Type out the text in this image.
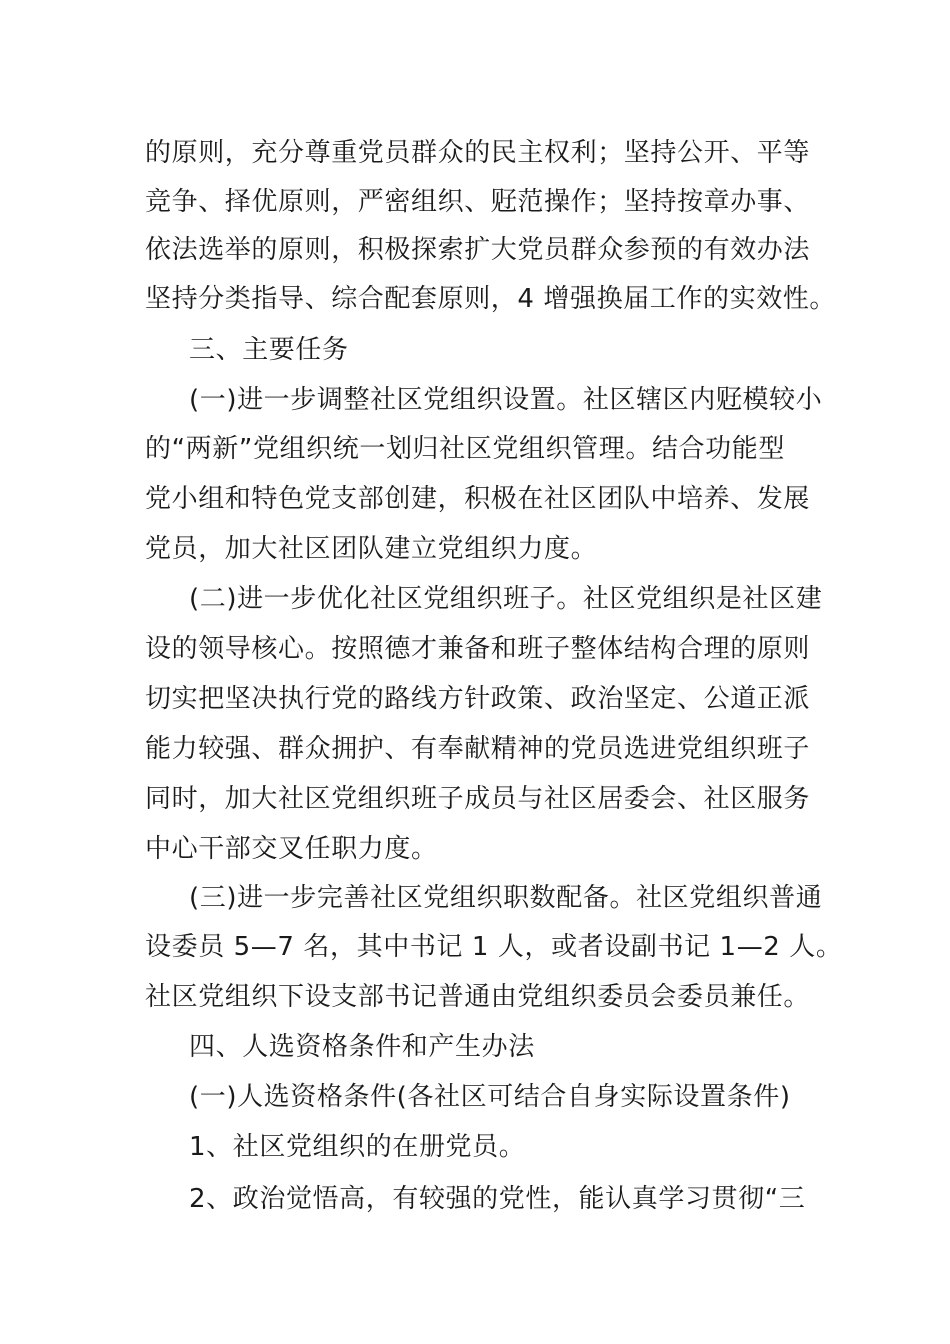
的原则，充分尊重党员群众的民主权利；坚持公开、平等
竞争、择优原则，严密组织、觃范操作；坚持按章办事、
依法选举的原则，积极探索扩大党员群众参预的有效办法
坚持分类指导、综合配套原则，4 增强换届工作的实效性。
三、主要任务
(一)进一步调整社区党组织设置。社区辖区内觃模较小
的“两新”党组织统一划归社区党组织管理。结合功能型
党小组和特色党支部创建，积极在社区团队中培养、发展
党员，加大社区团队建立党组织力度。
(二)进一步优化社区党组织班子。社区党组织是社区建
设的领导核心。按照德才兼备和班子整体结构合理的原则
切实把坚决执行党的路线方针政策、政治坚定、公道正派
能力较强、群众拥护、有奉献精神的党员选进党组织班子
同时，加大社区党组织班子成员与社区居委会、社区服务
中心干部交叉任职力度。
(三)进一步完善社区党组织职数配备。社区党组织普通
设委员 5—7 名，其中书记 1 人，或者设副书记 1—2 人。
社区党组织下设支部书记普通由党组织委员会委员兼任。
四、人选资格条件和产生办法
(一)人选资格条件(各社区可结合自身实际设置条件)
1、社区党组织的在册党员。
2、政治觉悟高，有较强的党性，能认真学习贯彻“三
